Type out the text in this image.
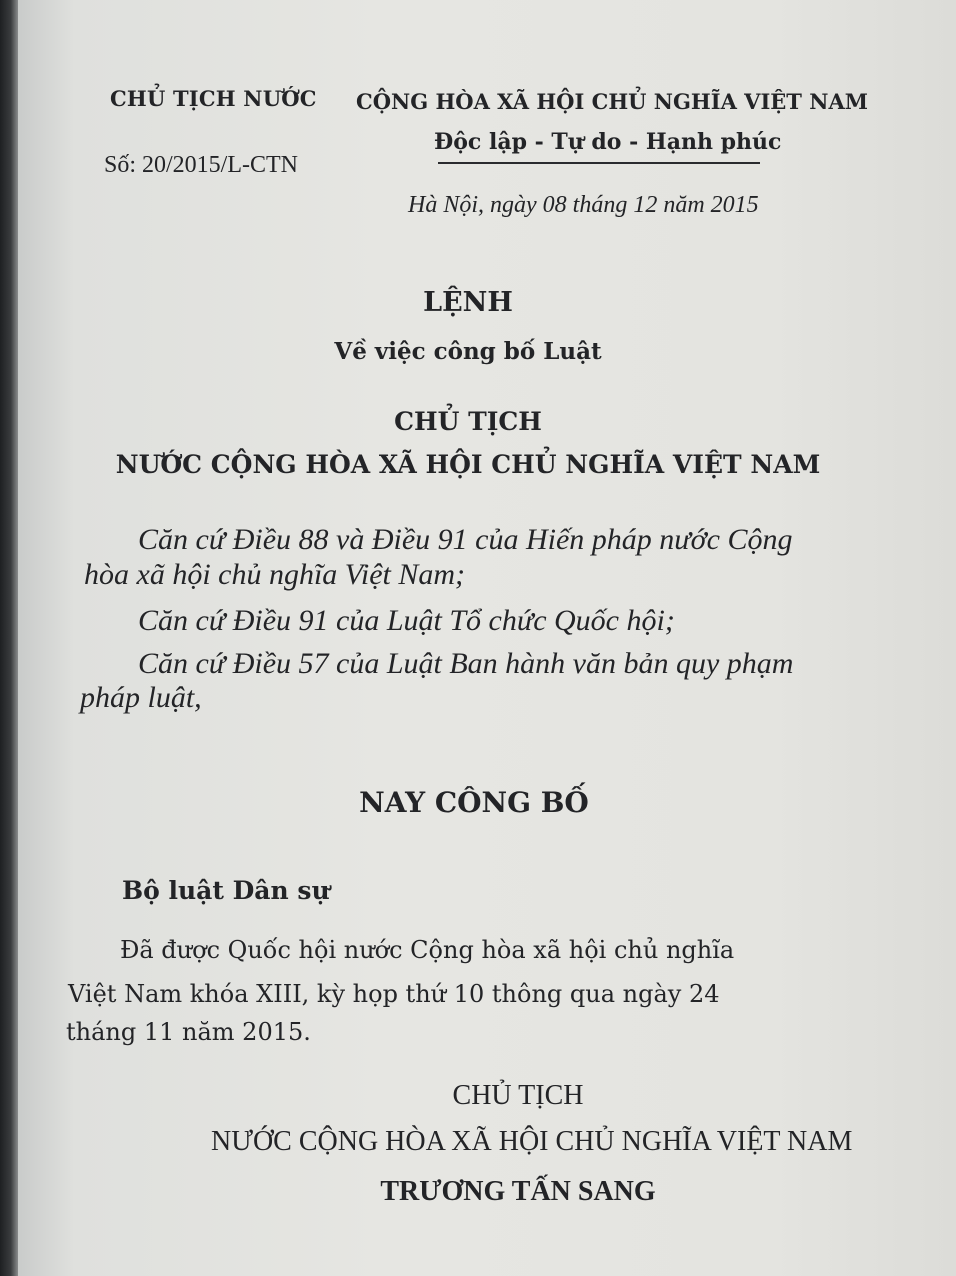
CHỦ TỊCH NƯỚC
Số: 20/2015/L-CTN
CỘNG HÒA XÃ HỘI CHỦ NGHĨA VIỆT NAM
Độc lập - Tự do - Hạnh phúc
Hà Nội, ngày 08 tháng 12 năm 2015
LỆNH
Về việc công bố Luật
CHỦ TỊCH
NƯỚC CỘNG HÒA XÃ HỘI CHỦ NGHĨA VIỆT NAM
Căn cứ Điều 88 và Điều 91 của Hiến pháp nước Cộng
hòa xã hội chủ nghĩa Việt Nam;
Căn cứ Điều 91 của Luật Tổ chức Quốc hội;
Căn cứ Điều 57 của Luật Ban hành văn bản quy phạm
pháp luật,
NAY CÔNG BỐ
Bộ luật Dân sự
Đã được Quốc hội nước Cộng hòa xã hội chủ nghĩa
Việt Nam khóa XIII, kỳ họp thứ 10 thông qua ngày 24
tháng 11 năm 2015.
CHỦ TỊCH
NƯỚC CỘNG HÒA XÃ HỘI CHỦ NGHĨA VIỆT NAM
TRƯƠNG TẤN SANG
